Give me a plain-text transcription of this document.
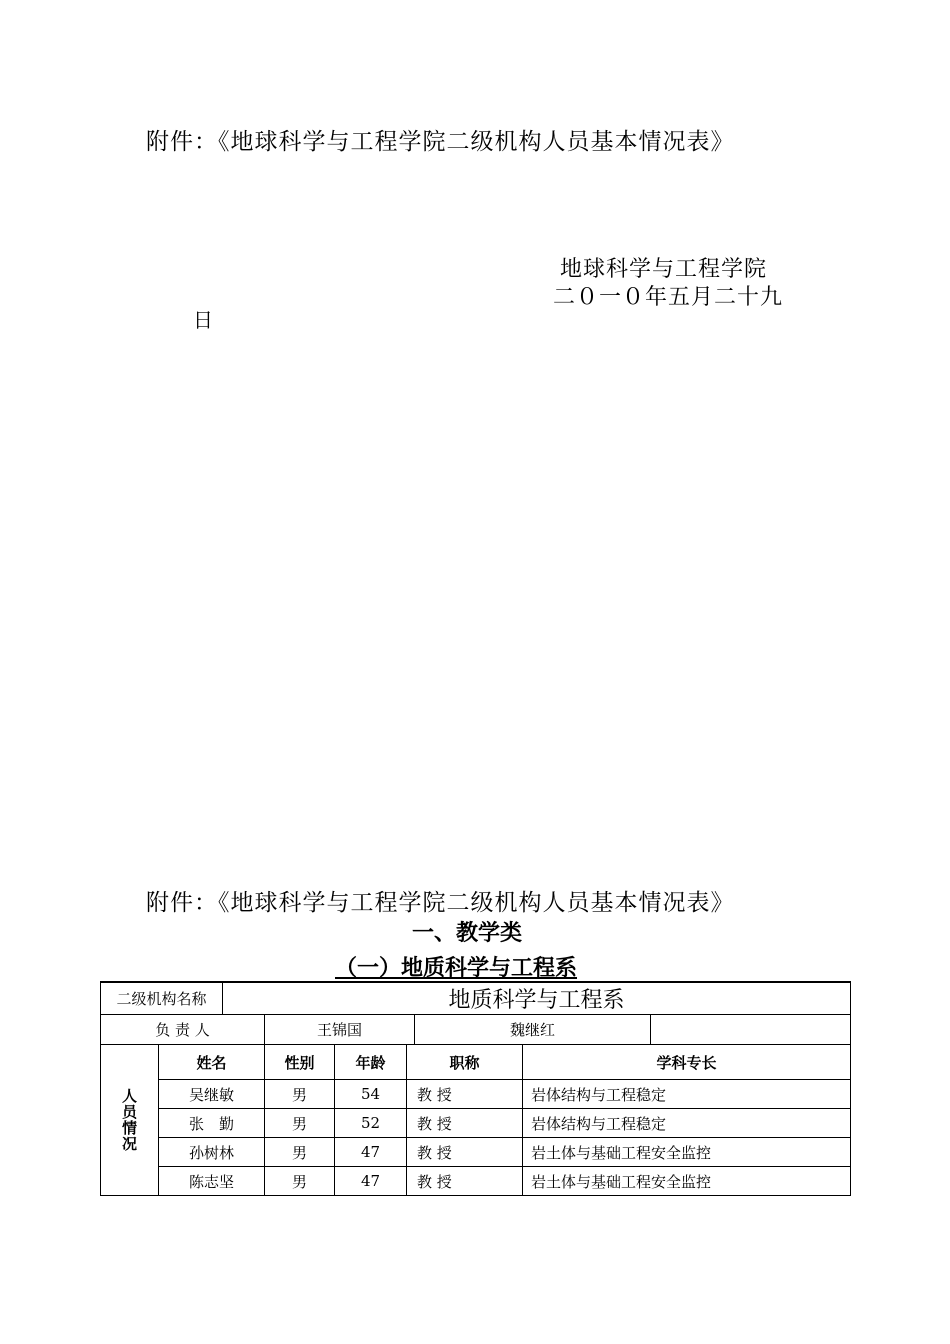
附件：《地球科学与工程学院二级机构人员基本情况表》
地球科学与工程学院
二０一０年五月二十九
日
附件：《地球科学与工程学院二级机构人员基本情况表》
一、教学类
（一）地质科学与工程系
二级机构名称		地质科学与工程系						
负 责 人			王锦国			魏继红		
人
员
情
况	姓名		性别	年龄	职称		学科专长	
	吴继敏		男	54	教 授		岩体结构与工程稳定	
	张　勤		男	52	教 授		岩体结构与工程稳定	
	孙树林		男	47	教 授		岩土体与基础工程安全监控	
	陈志坚		男	47	教 授		岩土体与基础工程安全监控	
